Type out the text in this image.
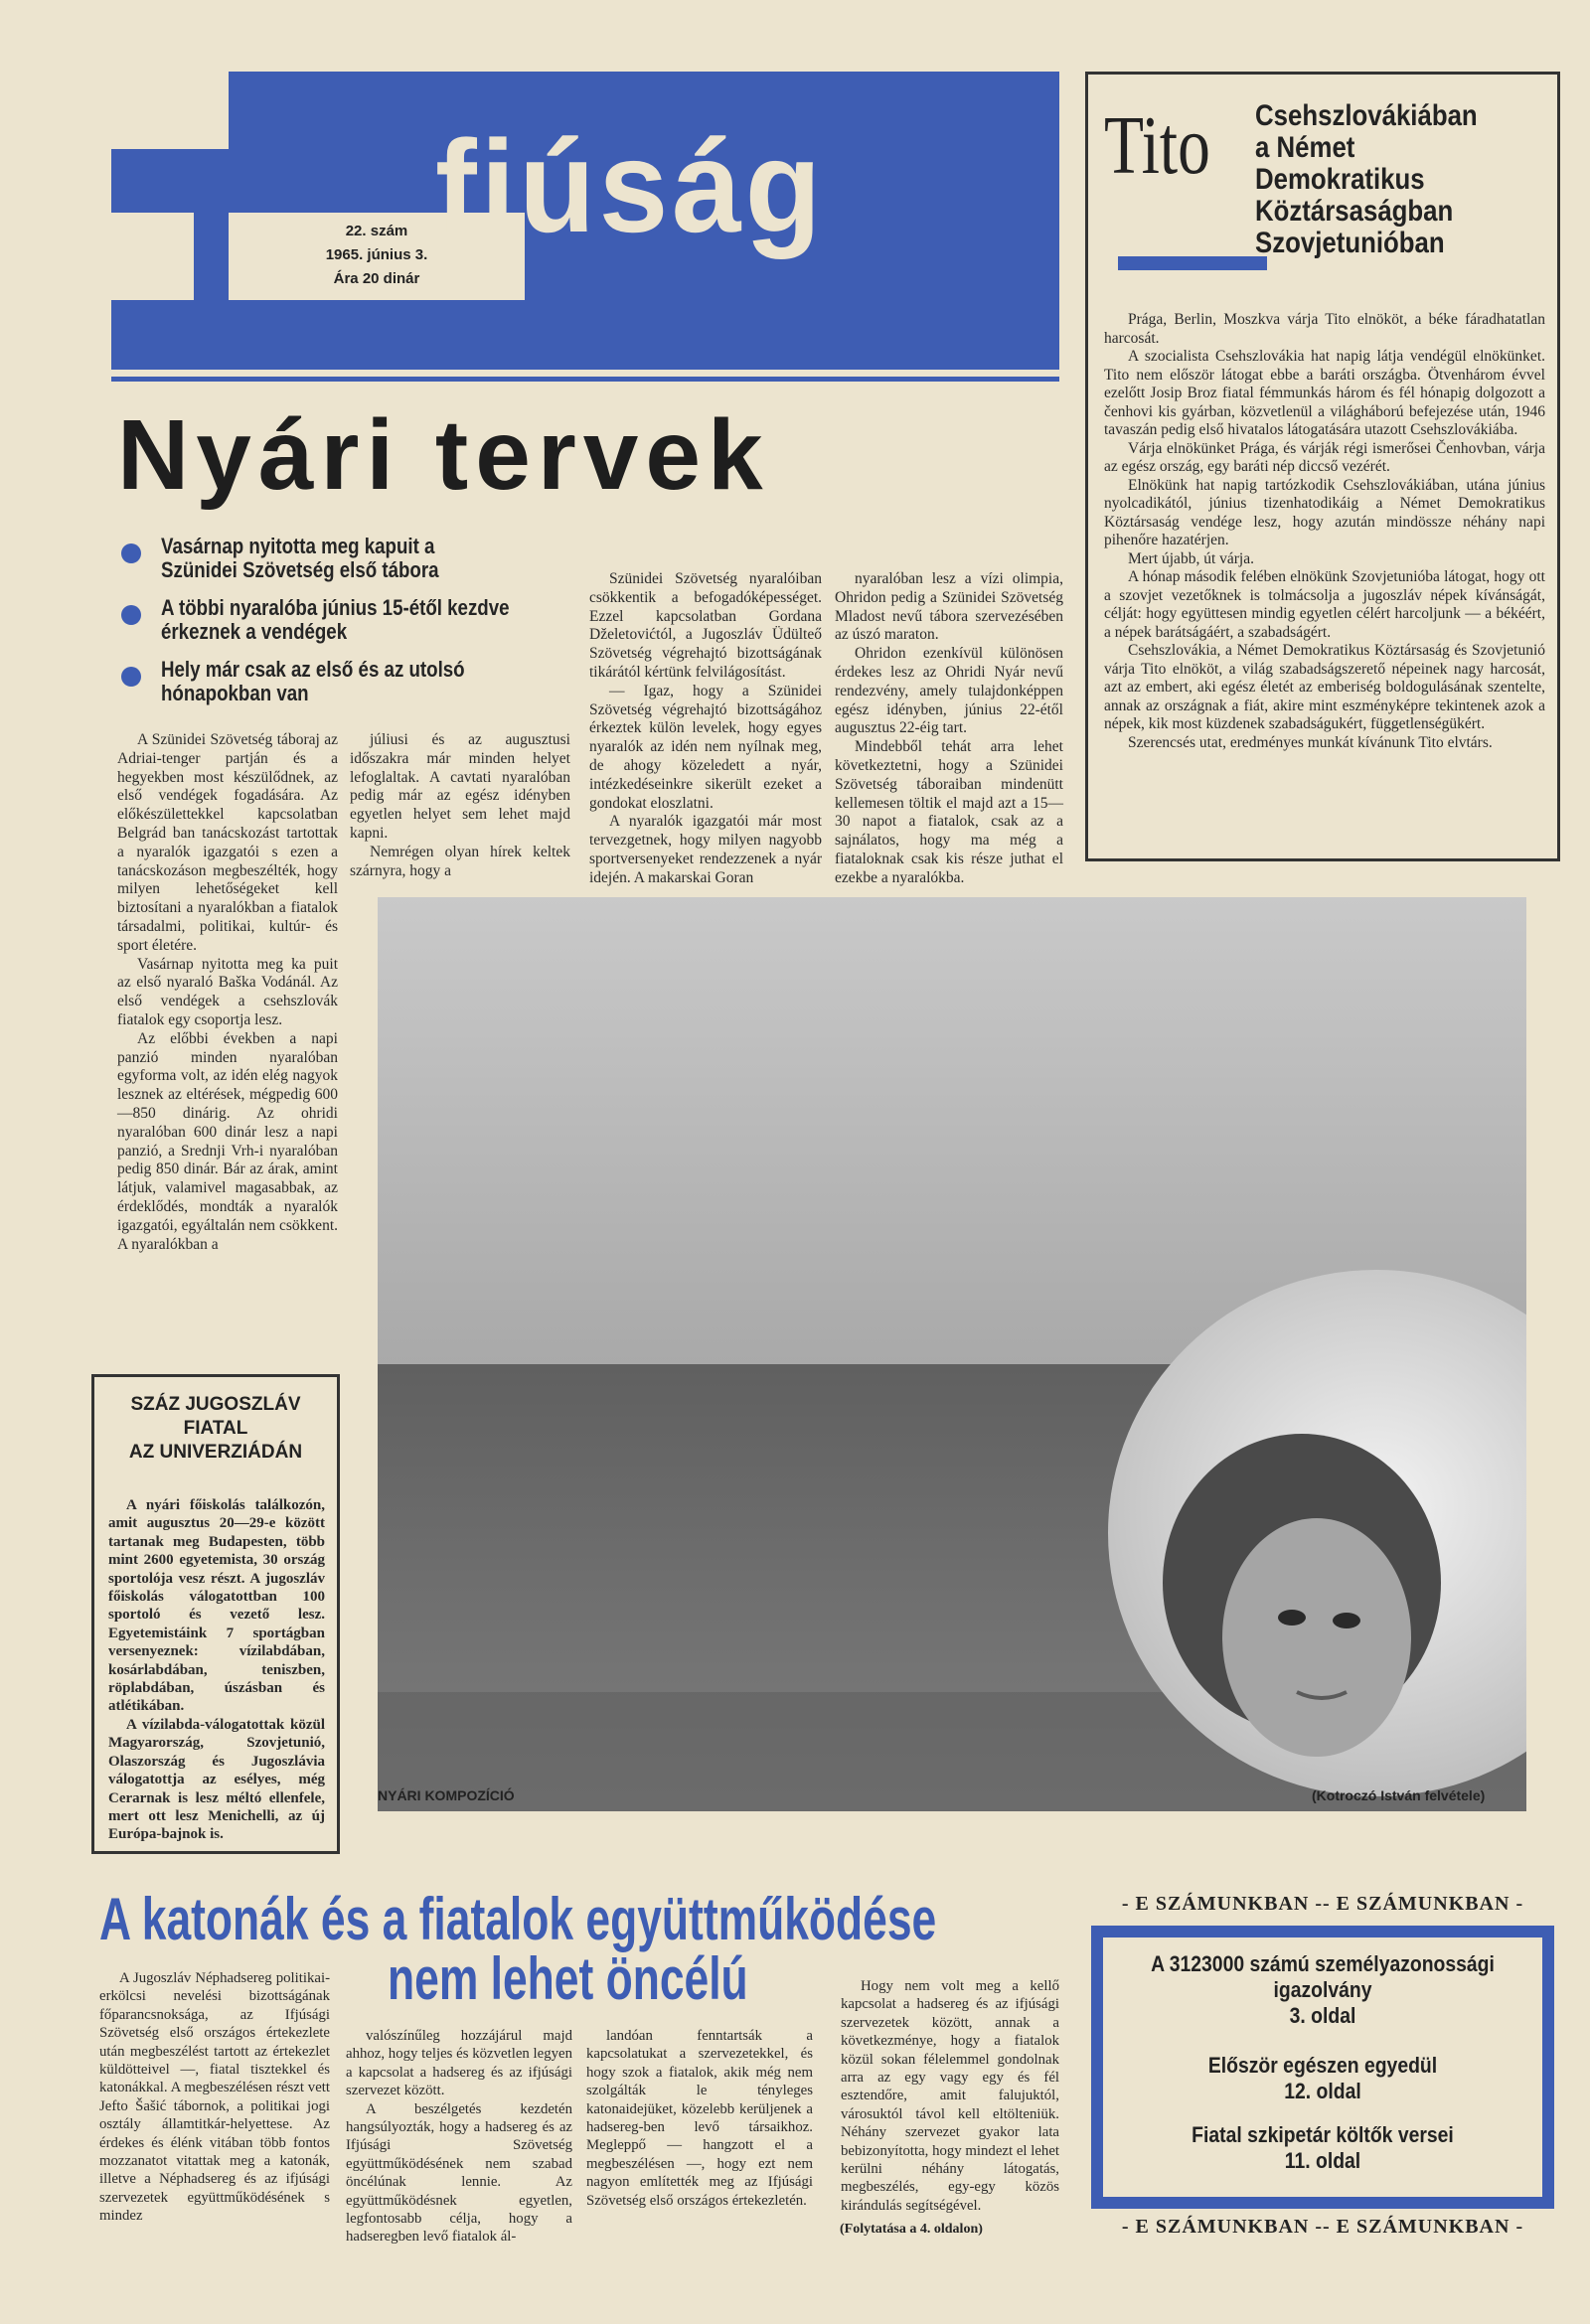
22. szám
1965. június 3.
Ára 20 dinár
fjúság	Tito Csehszlovákiában
a Német
Demokratikus
Köztársaságban
Szovjetunióban

Prága, Berlin, Moszkva várja Tito elnököt, a béke fáradhatatlan harcosát.

A szocialista Csehszlovákia hat napig látja vendégül elnökünket. Tito nem először látogat ebbe a baráti országba. Ötvenhárom évvel ezelőtt Josip Broz fiatal fémmunkás három és fél hónapig dolgozott a čenhovi kis gyárban, közvetlenül a világháború befejezése után, 1946 tavaszán pedig első hivatalos látogatására utazott Csehszlovákiába.

Várja elnökünket Prága, és várják régi ismerősei Čenhovban, várja az egész ország, egy baráti nép diccső vezérét.

Elnökünk hat napig tartózkodik Csehszlovákiában, utána június nyolcadikától, június tizenhatodikáig a Német Demokratikus Köztársaság vendége lesz, hogy azután mindössze néhány napi pihenőre hazatérjen.

Mert újabb, út várja.

A hónap második felében elnökünk Szovjetunióba látogat, hogy ott a szovjet vezetőknek is tolmácsolja a jugoszláv népek kívánságát, célját: hogy együttesen mindig egyetlen célért harcoljunk — a békéért, a népek barátságáért, a szabadságért.

Csehszlovákia, a Német Demokratikus Köztársaság és Szovjetunió várja Tito elnököt, a világ szabadságszerető népeinek nagy harcosát, azt az embert, aki egész életét az emberiség boldogulásának szentelte, annak az országnak a fiát, akire mint eszményképre tekintenek azok a népek, kik most küzdenek szabadságukért, függetlenségükért.

Szerencsés utat, eredményes munkát kívánunk Tito elvtárs.

Nyári tervek
Vasárnap nyitotta meg kapuit a Szünidei Szövetség első tábora
A többi nyaralóba június 15-étől kezdve érkeznek a vendégek
Hely már csak az első és az utolsó hónapokban van

A Szünidei Szövetség táboraj az Adriai-tenger partján és a hegyekben most készülődnek, az első vendégek fogadására. Az előkészülettekkel kapcsolatban Belgrád ban tanácskozást tartottak a nyaralók igazgatói s ezen a tanácskozáson megbeszélték, hogy milyen lehetőségeket kell biztosítani a nyaralókban a fiatalok társadalmi, politikai, kultúr- és sport életére.

Vasárnap nyitotta meg ka puit az első nyaraló Baška Vodánál. Az első vendégek a csehszlovák fiatalok egy csoportja lesz.

Az előbbi években a napi panzió minden nyaralóban egyforma volt, az idén elég nagyok lesznek az eltérések, mégpedig 600—850 dinárig. Az ohridi nyaralóban 600 dinár lesz a napi panzió, a Srednji Vrh-i nyaralóban pedig 850 dinár. Bár az árak, amint látjuk, valamivel magasabbak, az érdeklődés, mondták a nyaralók igazgatói, egyáltalán nem csökkent. A nyaralókban a

júliusi és az augusztusi időszakra már minden helyet lefoglaltak. A cavtati nyaralóban pedig már az egész idényben egyetlen helyet sem lehet majd kapni.

Nemrégen olyan hírek keltek szárnyra, hogy a

Szünidei Szövetség nyaralóiban csökkentik a befogadóképességet. Ezzel kapcsolatban Gordana Dželetovićtól, a Jugoszláv Üdülteő Szövetség végrehajtó bizottságának tikárától kértünk felvilágosítást.

— Igaz, hogy a Szünidei Szövetség végrehajtó bizottságához érkeztek külön levelek, hogy egyes nyaralók az idén nem nyílnak meg, de ahogy közeledett a nyár, intézkedéseinkre sikerült ezeket a gondokat eloszlatni.

A nyaralók igazgatói már most tervezgetnek, hogy milyen nagyobb sportversenyeket rendezzenek a nyár idején. A makarskai Goran

nyaralóban lesz a vízi olimpia, Ohridon pedig a Szünidei Szövetség Mladost nevű tábora szervezésében az úszó maraton.

Ohridon ezenkívül különösen érdekes lesz az Ohridi Nyár nevű rendezvény, amely tulajdonképpen egész idényben, június 22-étől augusztus 22-éig tart.

Mindebből tehát arra lehet következtetni, hogy a Szünidei Szövetség táboraiban mindenütt kellemesen töltik el majd azt a 15—30 napot a fiatalok, csak az a sajnálatos, hogy ma még a fiataloknak csak kis része juthat el ezekbe a nyaralókba.

NYÁRI KOMPOZÍCIÓ	(Kotroczó István felvétele)
SZÁZ JUGOSZLÁV
FIATAL
AZ UNIVERZIÁDÁN

A nyári főiskolás találkozón, amit augusztus 20—29-e között tartanak meg Budapesten, több mint 2600 egyetemista, 30 ország sportolója vesz részt. A jugoszláv főiskolás válogatottban 100 sportoló és vezető lesz. Egyetemistáink 7 sportágban versenyeznek: vízilabdában, kosárlabdában, teniszben, röplabdában, úszásban és atlétikában.

A vízilabda-válogatottak közül Magyarország, Szovjetunió, Olaszország és Jugoszlávia válogatottja az esélyes, még Cerarnak is lesz méltó ellenfele, mert ott lesz Menichelli, az új Európa-bajnok is.

A katonák és a fiatalok együttműködése
nem lehet öncélú

A Jugoszláv Néphadsereg politikai-erkölcsi nevelési bizottságának főparancsnoksága, az Ifjúsági Szövetség első országos értekezlete után megbeszélést tartott az értekezlet küldötteivel —, fiatal tisztekkel és katonákkal. A megbeszélésen részt vett Jefto Šašić tábornok, a politikai jogi osztály államtitkár-helyettese. Az érdekes és élénk vitában több fontos mozzanatot vitattak meg a katonák, illetve a Néphadsereg és az ifjúsági szervezetek együttműködésének s mindez

valószínűleg hozzájárul majd ahhoz, hogy teljes és közvetlen legyen a kapcsolat a hadsereg és az ifjúsági szervezet között.

A beszélgetés kezdetén hangsúlyozták, hogy a hadsereg és az Ifjúsági Szövetség együttműködésének nem szabad öncélúnak lennie. Az együttműködésnek egyetlen, legfontosabb célja, hogy a hadseregben levő fiatalok ál-

landóan fenntartsák a kapcsolatukat a szervezetekkel, és hogy szok a fiatalok, akik még nem szolgálták le tényleges katonaidejüket, közelebb kerüljenek a hadsereg-ben levő társaikhoz. Megleppő — hangzott el a megbeszélésen —, hogy ezt nem nagyon említették meg az Ifjúsági Szövetség első országos értekezletén.

Hogy nem volt meg a kellő kapcsolat a hadsereg és az ifjúsági szervezetek között, annak a következménye, hogy a fiatalok közül sokan félelemmel gondolnak arra az egy vagy egy és fél esztendőre, amit falujuktól, városuktól távol kell eltölteniük. Néhány szervezet gyakor lata bebizonyította, hogy mindezt el lehet kerülni néhány látogatás, megbeszélés, egy-egy közös kirándulás segítségével.

(Folytatása a 4. oldalon)
- E SZÁMUNKBAN -- E SZÁMUNKBAN -
A 3123000 számú személyazonossági igazolvány
3. oldal
Először egészen egyedül
12. oldal
Fiatal szkipetár költők versei
11. oldal
- E SZÁMUNKBAN -- E SZÁMUNKBAN -
